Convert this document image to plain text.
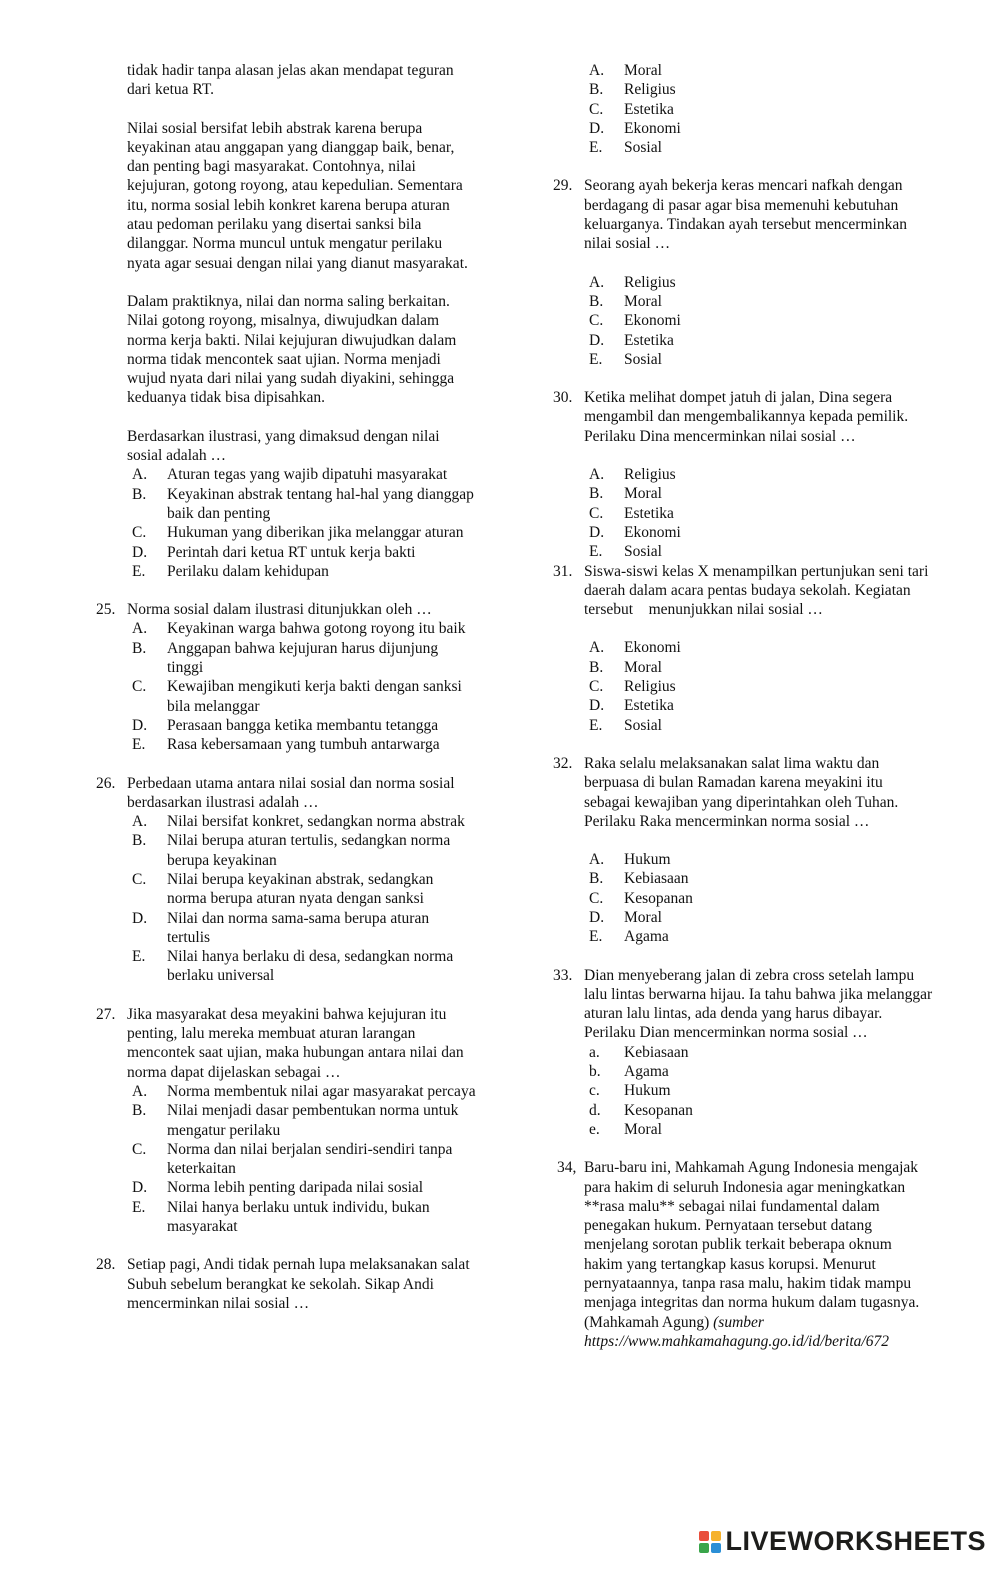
tidak hadir tanpa alasan jelas akan mendapat teguran dari ketua RT.

Nilai sosial bersifat lebih abstrak karena berupa keyakinan atau anggapan yang dianggap baik, benar, dan penting bagi masyarakat. Contohnya, nilai kejujuran, gotong royong, atau kepedulian. Sementara itu, norma sosial lebih konkret karena berupa aturan atau pedoman perilaku yang disertai sanksi bila dilanggar. Norma muncul untuk mengatur perilaku nyata agar sesuai dengan nilai yang dianut masyarakat.

Dalam praktiknya, nilai dan norma saling berkaitan. Nilai gotong royong, misalnya, diwujudkan dalam norma kerja bakti. Nilai kejujuran diwujudkan dalam norma tidak mencontek saat ujian. Norma menjadi wujud nyata dari nilai yang sudah diyakini, sehingga keduanya tidak bisa dipisahkan.

Berdasarkan ilustrasi, yang dimaksud dengan nilai sosial adalah …
A. Aturan tegas yang wajib dipatuhi masyarakat
B. Keyakinan abstrak tentang hal-hal yang dianggap baik dan penting
C. Hukuman yang diberikan jika melanggar aturan
D. Perintah dari ketua RT untuk kerja bakti
E. Perilaku dalam kehidupan
25. Norma sosial dalam ilustrasi ditunjukkan oleh …
A. Keyakinan warga bahwa gotong royong itu baik
B. Anggapan bahwa kejujuran harus dijunjung tinggi
C. Kewajiban mengikuti kerja bakti dengan sanksi bila melanggar
D. Perasaan bangga ketika membantu tetangga
E. Rasa kebersamaan yang tumbuh antarwarga
26. Perbedaan utama antara nilai sosial dan norma sosial berdasarkan ilustrasi adalah …
A. Nilai bersifat konkret, sedangkan norma abstrak
B. Nilai berupa aturan tertulis, sedangkan norma berupa keyakinan
C. Nilai berupa keyakinan abstrak, sedangkan norma berupa aturan nyata dengan sanksi
D. Nilai dan norma sama-sama berupa aturan tertulis
E. Nilai hanya berlaku di desa, sedangkan norma berlaku universal
27. Jika masyarakat desa meyakini bahwa kejujuran itu penting, lalu mereka membuat aturan larangan mencontek saat ujian, maka hubungan antara nilai dan norma dapat dijelaskan sebagai …
A. Norma membentuk nilai agar masyarakat percaya
B. Nilai menjadi dasar pembentukan norma untuk mengatur perilaku
C. Norma dan nilai berjalan sendiri-sendiri tanpa keterkaitan
D. Norma lebih penting daripada nilai sosial
E. Nilai hanya berlaku untuk individu, bukan masyarakat
28. Setiap pagi, Andi tidak pernah lupa melaksanakan salat Subuh sebelum berangkat ke sekolah. Sikap Andi mencerminkan nilai sosial …
A. Moral
B. Religius
C. Estetika
D. Ekonomi
E. Sosial
29. Seorang ayah bekerja keras mencari nafkah dengan berdagang di pasar agar bisa memenuhi kebutuhan keluarganya. Tindakan ayah tersebut mencerminkan nilai sosial …
A. Religius
B. Moral
C. Ekonomi
D. Estetika
E. Sosial
30. Ketika melihat dompet jatuh di jalan, Dina segera mengambil dan mengembalikannya kepada pemilik. Perilaku Dina mencerminkan nilai sosial …
A. Religius
B. Moral
C. Estetika
D. Ekonomi
E. Sosial
31. Siswa-siswi kelas X menampilkan pertunjukan seni tari daerah dalam acara pentas budaya sekolah. Kegiatan tersebut    menunjukkan nilai sosial …
A. Ekonomi
B. Moral
C. Religius
D. Estetika
E. Sosial
32. Raka selalu melaksanakan salat lima waktu dan berpuasa di bulan Ramadan karena meyakini itu sebagai kewajiban yang diperintahkan oleh Tuhan.
Perilaku Raka mencerminkan norma sosial …
A. Hukum
B. Kebiasaan
C. Kesopanan
D. Moral
E. Agama
33. Dian menyeberang jalan di zebra cross setelah lampu lalu lintas berwarna hijau. Ia tahu bahwa jika melanggar aturan lalu lintas, ada denda yang harus dibayar.
Perilaku Dian mencerminkan norma sosial …
a. Kebiasaan
b. Agama
c. Hukum
d. Kesopanan
e. Moral
34, Baru-baru ini, Mahkamah Agung Indonesia mengajak para hakim di seluruh Indonesia agar meningkatkan **rasa malu** sebagai nilai fundamental dalam penegakan hukum. Pernyataan tersebut datang menjelang sorotan publik terkait beberapa oknum hakim yang tertangkap kasus korupsi. Menurut pernyataannya, tanpa rasa malu, hakim tidak mampu menjaga integritas dan norma hukum dalam tugasnya. (Mahkamah Agung) (sumber https://www.mahkamahagung.go.id/id/berita/672
LIVEWORKSHEETS
